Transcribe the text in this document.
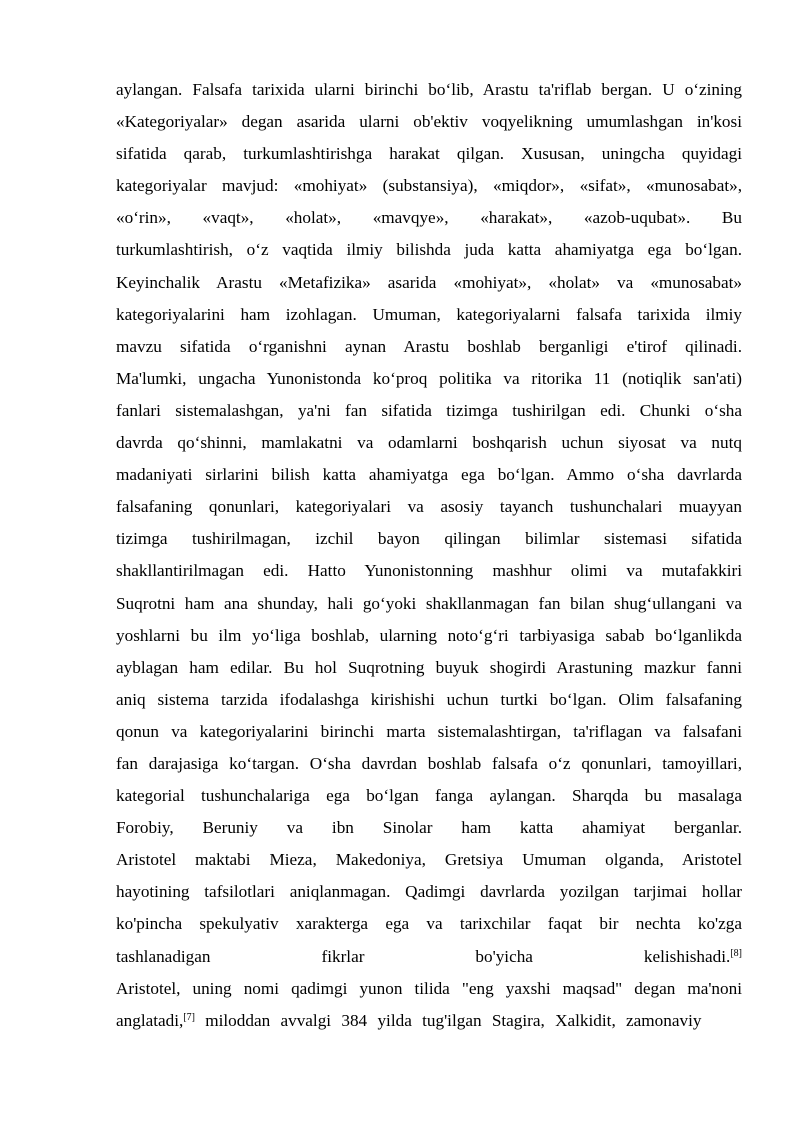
aylangan. Falsafa tarixida ularni birinchi bo‘lib, Arastu ta'riflab bergan. U o‘zining
«Kategoriyalar» degan asarida ularni ob'ektiv voqyelikning umumlashgan in'kosi
sifatida qarab, turkumlashtirishga harakat qilgan. Xususan, uningcha quyidagi
kategoriyalar mavjud: «mohiyat» (substansiya), «miqdor», «sifat», «munosabat»,
«o‘rin», «vaqt», «holat», «mavqye», «harakat», «azob-uqubat». Bu
turkumlashtirish, o‘z vaqtida ilmiy bilishda juda katta ahamiyatga ega bo‘lgan.
Keyinchalik Arastu «Metafizika» asarida «mohiyat», «holat» va «munosabat»
kategoriyalarini ham izohlagan. Umuman, kategoriyalarni falsafa tarixida ilmiy
mavzu sifatida o‘rganishni aynan Arastu boshlab berganligi e'tirof qilinadi.
Ma'lumki, ungacha Yunonistonda ko‘proq politika va ritorika 11 (notiqlik san'ati)
fanlari sistemalashgan, ya'ni fan sifatida tizimga tushirilgan edi. Chunki o‘sha
davrda qo‘shinni, mamlakatni va odamlarni boshqarish uchun siyosat va nutq
madaniyati sirlarini bilish katta ahamiyatga ega bo‘lgan. Ammo o‘sha davrlarda
falsafaning qonunlari, kategoriyalari va asosiy tayanch tushunchalari muayyan
tizimga tushirilmagan, izchil bayon qilingan bilimlar sistemasi sifatida
shakllantirilmagan edi. Hatto Yunonistonning mashhur olimi va mutafakkiri
Suqrotni ham ana shunday, hali go‘yoki shakllanmagan fan bilan shug‘ullangani va
yoshlarni bu ilm yo‘liga boshlab, ularning noto‘g‘ri tarbiyasiga sabab bo‘lganlikda
ayblagan ham edilar. Bu hol Suqrotning buyuk shogirdi Arastuning mazkur fanni
aniq sistema tarzida ifodalashga kirishishi uchun turtki bo‘lgan. Olim falsafaning
qonun va kategoriyalarini birinchi marta sistemalashtirgan, ta'riflagan va falsafani
fan darajasiga ko‘targan. O‘sha davrdan boshlab falsafa o‘z qonunlari, tamoyillari,
kategorial tushunchalariga ega bo‘lgan fanga aylangan. Sharqda bu masalaga
Forobiy, Beruniy va ibn Sinolar ham katta ahamiyat berganlar.
Aristotel maktabi Mieza, Makedoniya, Gretsiya Umuman olganda, Aristotel
hayotining tafsilotlari aniqlanmagan. Qadimgi davrlarda yozilgan tarjimai hollar
ko'pincha spekulyativ xarakterga ega va tarixchilar faqat bir nechta ko'zga
tashlanadigan fikrlar bo'yicha kelishishadi.[8]
Aristotel, uning nomi qadimgi yunon tilida "eng yaxshi maqsad" degan ma'noni
anglatadi,[7] miloddan avvalgi 384 yilda tug'ilgan Stagira, Xalkidit, zamonaviy
